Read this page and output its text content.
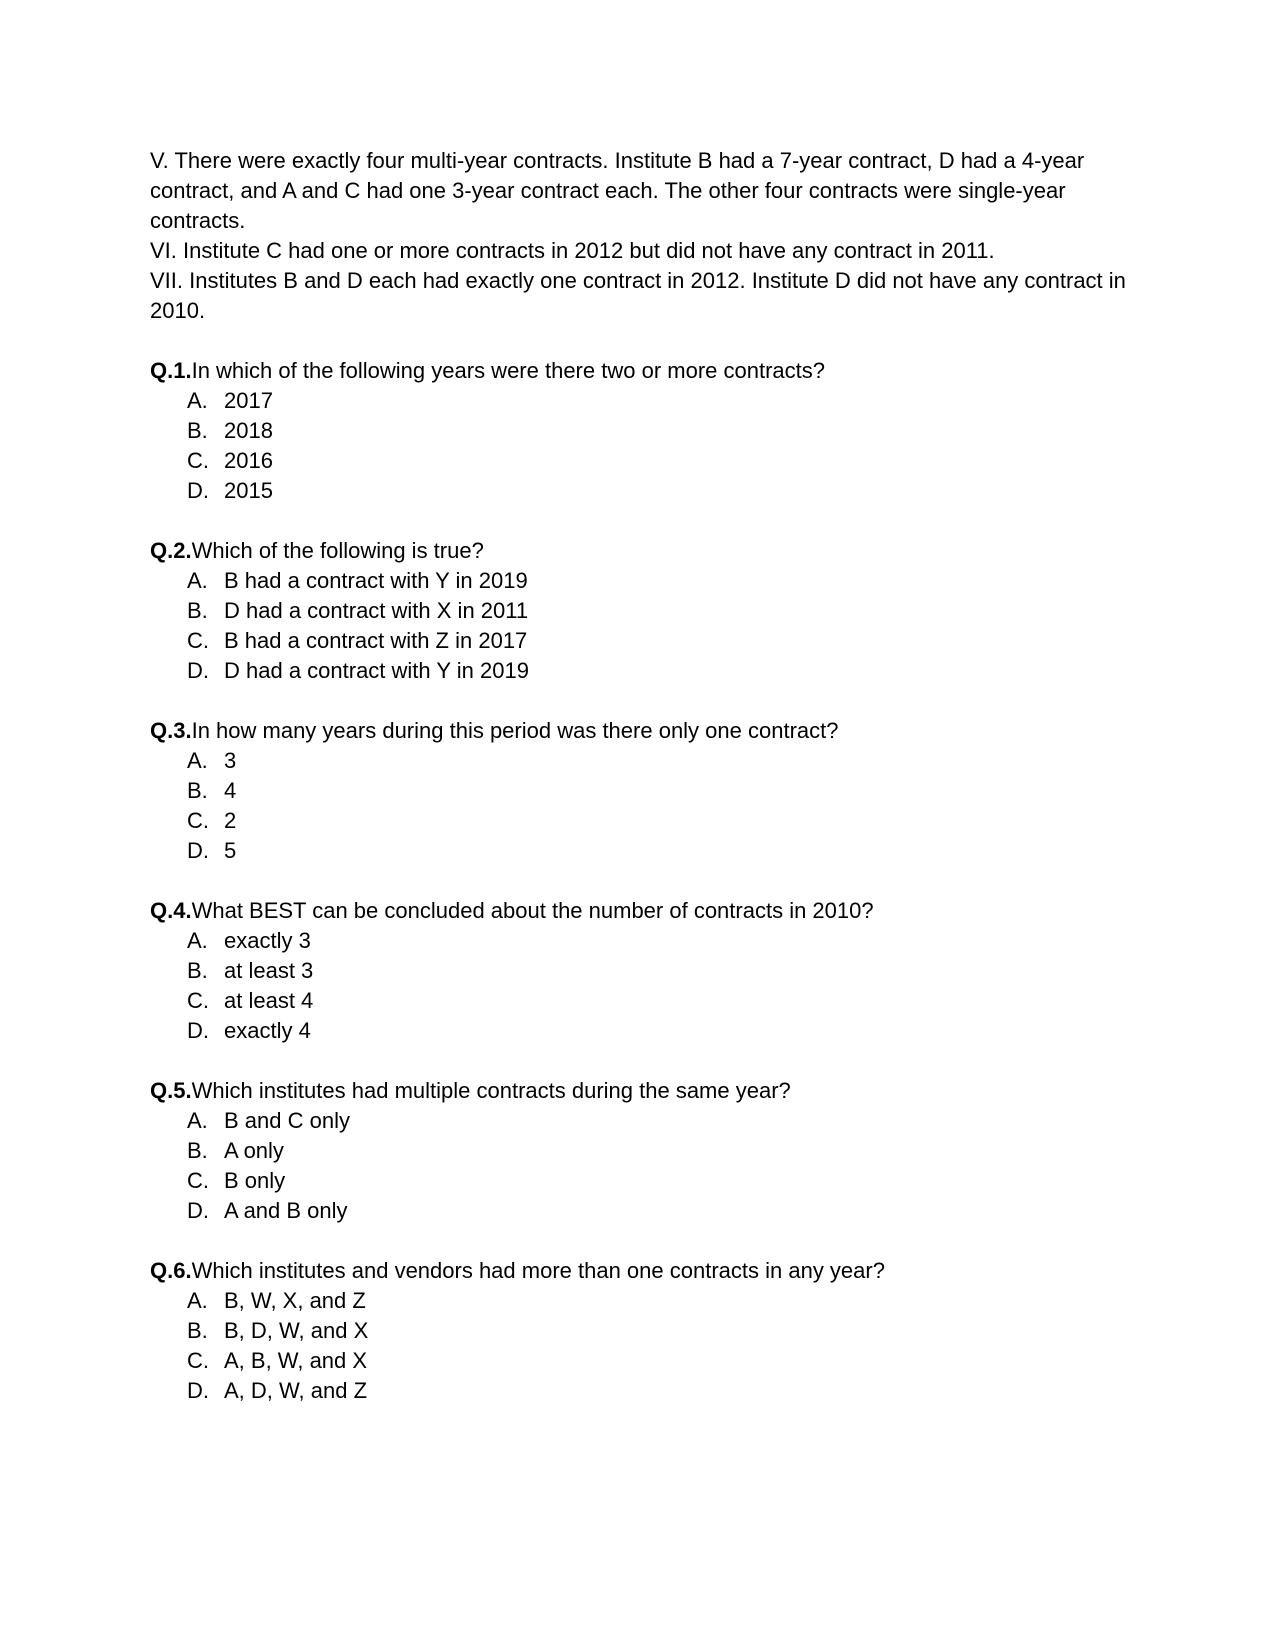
V. There were exactly four multi-year contracts. Institute B had a 7-year contract, D had a 4-year contract, and A and C had one 3-year contract each. The other four contracts were single-year contracts.

VI. Institute C had one or more contracts in 2012 but did not have any contract in 2011.

VII. Institutes B and D each had exactly one contract in 2012. Institute D did not have any contract in 2010.

Q.1.In which of the following years were there two or more contracts?

A. 2017
B. 2018
C. 2016
D. 2015

Q.2.Which of the following is true?

A. B had a contract with Y in 2019
B. D had a contract with X in 2011
C. B had a contract with Z in 2017
D. D had a contract with Y in 2019

Q.3.In how many years during this period was there only one contract?

A. 3
B. 4
C. 2
D. 5

Q.4.What BEST can be concluded about the number of contracts in 2010?

A. exactly 3
B. at least 3
C. at least 4
D. exactly 4

Q.5.Which institutes had multiple contracts during the same year?

A. B and C only
B. A only
C. B only
D. A and B only

Q.6.Which institutes and vendors had more than one contracts in any year?

A. B, W, X, and Z
B. B, D, W, and X
C. A, B, W, and X
D. A, D, W, and Z
